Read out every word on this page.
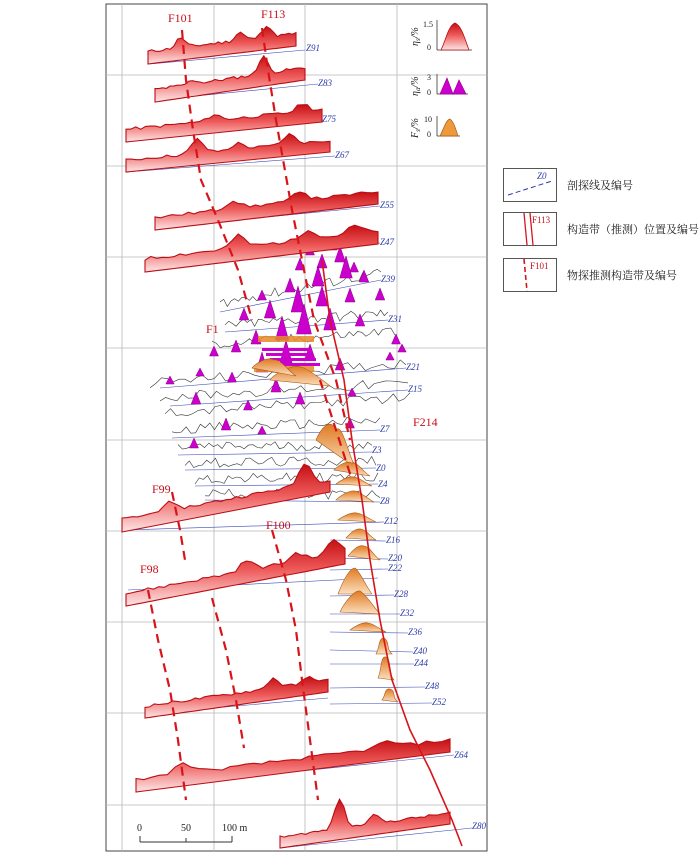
F101	F113
F1
F214
F99
F100
F98
Z91
Z83
Z75
Z67
Z55
Z47
Z39
Z31
Z21
Z15
Z7
Z3
Z0
Z4
Z8
Z12
Z16
Z20
Z22
Z28
Z32
Z36
Z40
Z44
Z48
Z52
Z64
Z80
$\eta_s/\%$
1.5
0
$\eta_a/\%$ 3
0
$F_s/\%$ 10
0
0	50	100 m
Z0
剖探线及编号
F113
构造带（推测）位置及编号
F101
物探推测构造带及编号
